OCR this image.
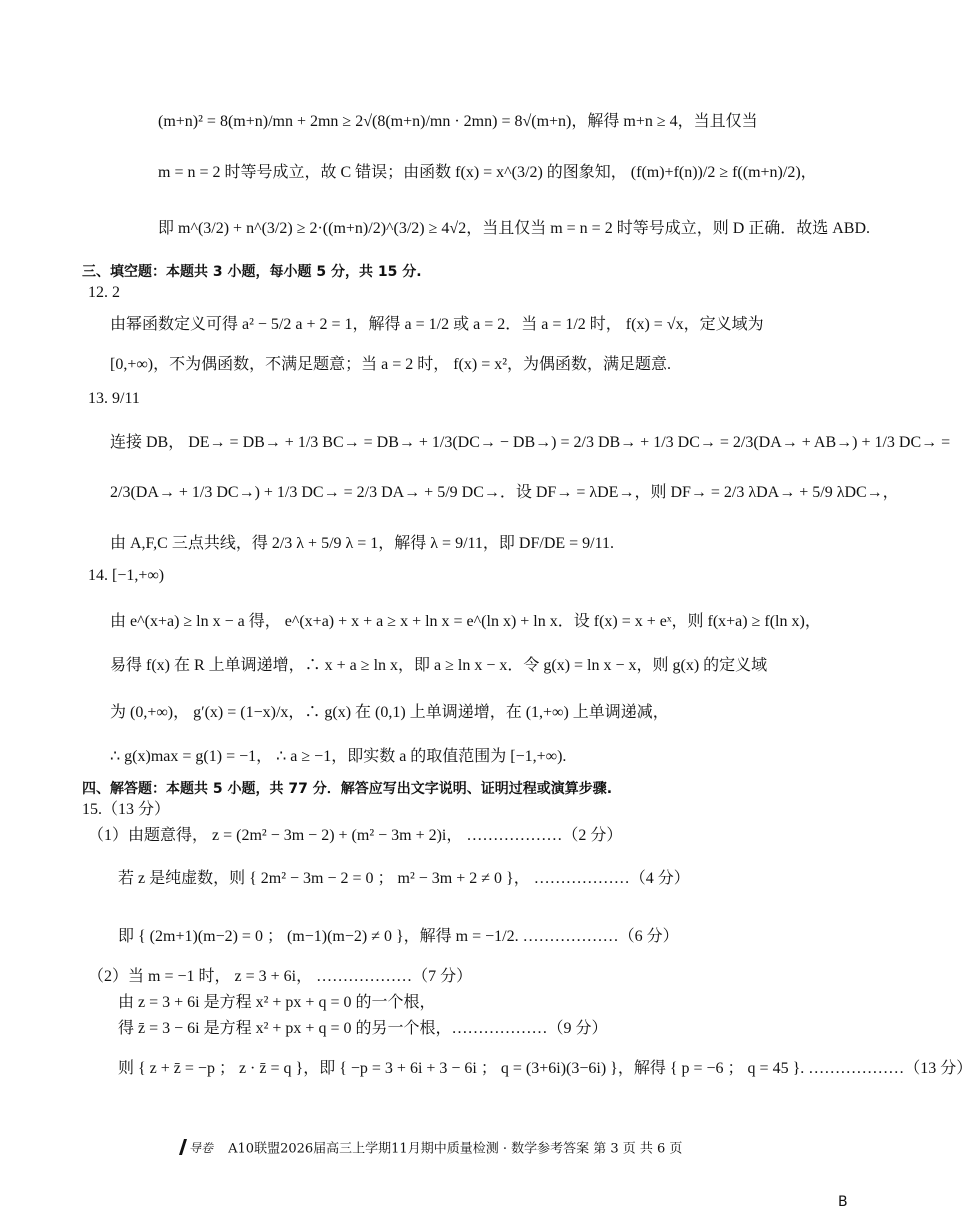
(m+n)² = 8(m+n)/mn + 2mn ≥ 2√(8(m+n)/mn · 2mn) = 8√(m+n)，解得 m+n ≥ 4，当且仅当
m = n = 2 时等号成立，故 C 错误；由函数 f(x) = x^(3/2) 的图象知， (f(m)+f(n))/2 ≥ f((m+n)/2)，
即 m^(3/2) + n^(3/2) ≥ 2·((m+n)/2)^(3/2) ≥ 4√2，当且仅当 m = n = 2 时等号成立，则 D 正确．故选 ABD.
三、填空题：本题共 3 小题，每小题 5 分，共 15 分.
12. 2
由幂函数定义可得 a² − 5/2 a + 2 = 1，解得 a = 1/2 或 a = 2．当 a = 1/2 时， f(x) = √x，定义域为
[0,+∞)，不为偶函数，不满足题意；当 a = 2 时， f(x) = x²，为偶函数，满足题意.
13. 9/11
连接 DB， DE→ = DB→ + 1/3 BC→ = DB→ + 1/3(DC→ − DB→) = 2/3 DB→ + 1/3 DC→ = 2/3(DA→ + AB→) + 1/3 DC→ =
2/3(DA→ + 1/3 DC→) + 1/3 DC→ = 2/3 DA→ + 5/9 DC→．设 DF→ = λDE→，则 DF→ = 2/3 λDA→ + 5/9 λDC→，
由 A,F,C 三点共线，得 2/3 λ + 5/9 λ = 1，解得 λ = 9/11，即 DF/DE = 9/11.
14. [−1,+∞)
由 e^(x+a) ≥ ln x − a 得， e^(x+a) + x + a ≥ x + ln x = e^(ln x) + ln x．设 f(x) = x + eˣ，则 f(x+a) ≥ f(ln x)，
易得 f(x) 在 R 上单调递增，∴ x + a ≥ ln x，即 a ≥ ln x − x．令 g(x) = ln x − x，则 g(x) 的定义域
为 (0,+∞)， g′(x) = (1−x)/x，∴ g(x) 在 (0,1) 上单调递增，在 (1,+∞) 上单调递减，
∴ g(x)max = g(1) = −1， ∴ a ≥ −1，即实数 a 的取值范围为 [−1,+∞).
四、解答题：本题共 5 小题，共 77 分．解答应写出文字说明、证明过程或演算步骤.
15.（13 分）
（1）由题意得， z = (2m² − 3m − 2) + (m² − 3m + 2)i， ………………（2 分）
若 z 是纯虚数，则 { 2m² − 3m − 2 = 0 ； m² − 3m + 2 ≠ 0 }， ………………（4 分）
即 { (2m+1)(m−2) = 0 ； (m−1)(m−2) ≠ 0 }，解得 m = −1/2. ………………（6 分）
（2）当 m = −1 时， z = 3 + 6i， ………………（7 分）
由 z = 3 + 6i 是方程 x² + px + q = 0 的一个根，
得 z̄ = 3 − 6i 是方程 x² + px + q = 0 的另一个根，………………（9 分）
则 { z + z̄ = −p ； z · z̄ = q }，即 { −p = 3 + 6i + 3 − 6i ； q = (3+6i)(3−6i) }，解得 { p = −6 ； q = 45 }. ………………（13 分）
导卷 A10联盟2026届高三上学期11月期中质量检测 · 数学参考答案 第 3 页 共 6 页
B
